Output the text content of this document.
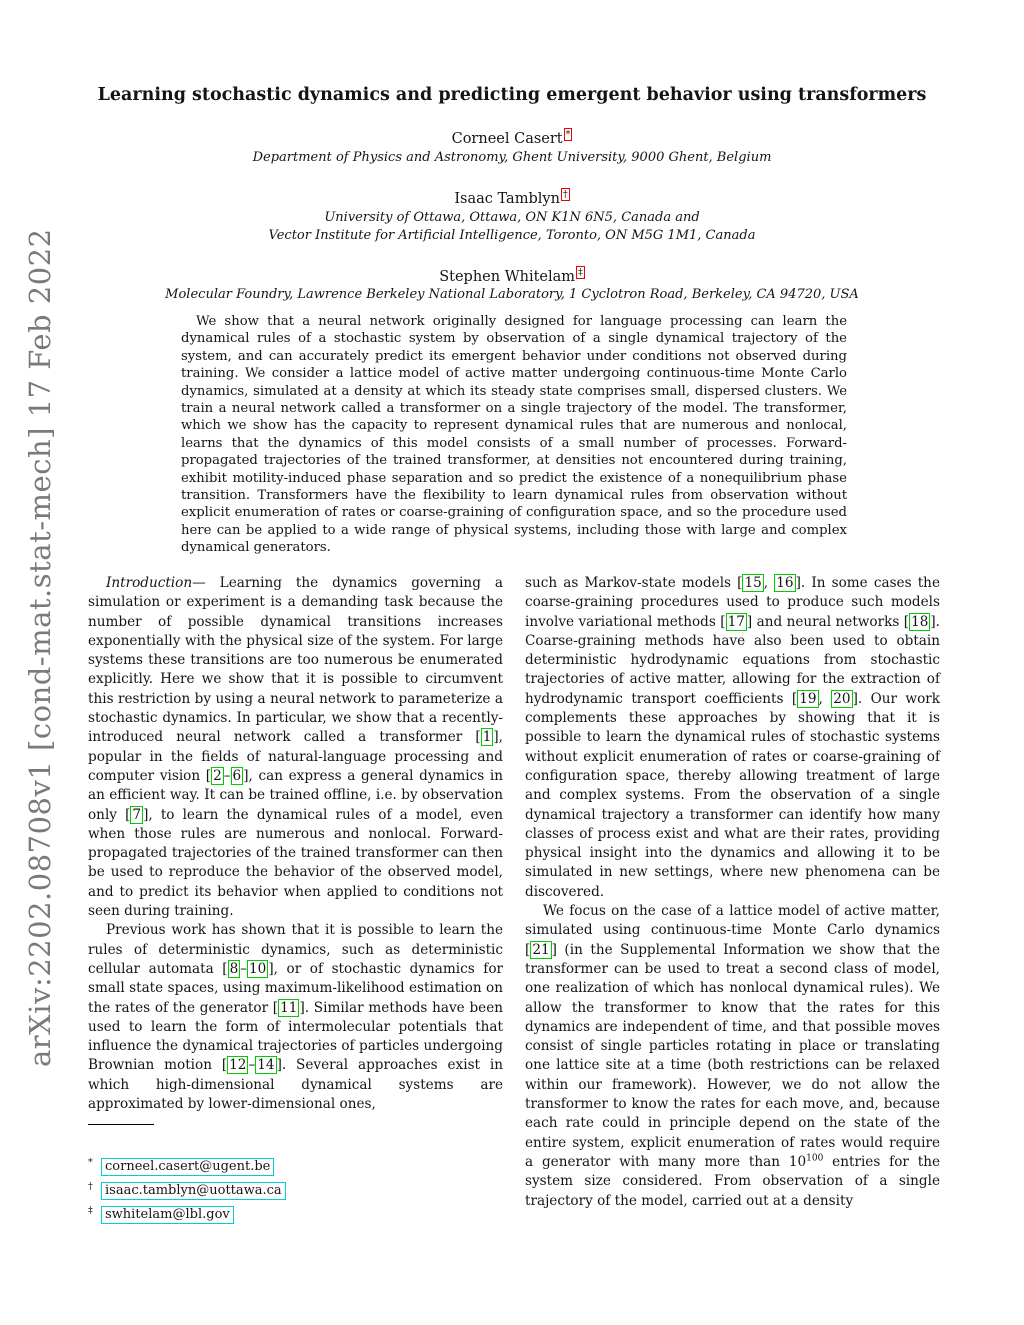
arXiv:2202.08708v1 [cond-mat.stat-mech] 17 Feb 2022
Learning stochastic dynamics and predicting emergent behavior using transformers
Corneel Casert *
Department of Physics and Astronomy, Ghent University, 9000 Ghent, Belgium
Isaac Tamblyn †
University of Ottawa, Ottawa, ON K1N 6N5, Canada and
Vector Institute for Artificial Intelligence, Toronto, ON M5G 1M1, Canada
Stephen Whitelam ‡
Molecular Foundry, Lawrence Berkeley National Laboratory, 1 Cyclotron Road, Berkeley, CA 94720, USA
We show that a neural network originally designed for language processing can learn the dynamical rules of a stochastic system by observation of a single dynamical trajectory of the system, and can accurately predict its emergent behavior under conditions not observed during training. We consider a lattice model of active matter undergoing continuous-time Monte Carlo dynamics, simulated at a density at which its steady state comprises small, dispersed clusters. We train a neural network called a transformer on a single trajectory of the model. The transformer, which we show has the capacity to represent dynamical rules that are numerous and nonlocal, learns that the dynamics of this model consists of a small number of processes. Forward-propagated trajectories of the trained transformer, at densities not encountered during training, exhibit motility-induced phase separation and so predict the existence of a nonequilibrium phase transition. Transformers have the flexibility to learn dynamical rules from observation without explicit enumeration of rates or coarse-graining of configuration space, and so the procedure used here can be applied to a wide range of physical systems, including those with large and complex dynamical generators.

Introduction— Learning the dynamics governing a simulation or experiment is a demanding task because the number of possible dynamical transitions increases exponentially with the physical size of the system. For large systems these transitions are too numerous be enumerated explicitly. Here we show that it is possible to circumvent this restriction by using a neural network to parameterize a stochastic dynamics. In particular, we show that a recently-introduced neural network called a transformer [ 1 ], popular in the fields of natural-language processing and computer vision [ 2 – 6 ], can express a general dynamics in an efficient way. It can be trained offline, i.e. by observation only [ 7 ], to learn the dynamical rules of a model, even when those rules are numerous and nonlocal. Forward-propagated trajectories of the trained transformer can then be used to reproduce the behavior of the observed model, and to predict its behavior when applied to conditions not seen during training.

Previous work has shown that it is possible to learn the rules of deterministic dynamics, such as deterministic cellular automata [ 8 – 10 ], or of stochastic dynamics for small state spaces, using maximum-likelihood estimation on the rates of the generator [ 11 ]. Similar methods have been used to learn the form of intermolecular potentials that influence the dynamical trajectories of particles undergoing Brownian motion [ 12 – 14 ]. Several approaches exist in which high-dimensional dynamical systems are approximated by lower-dimensional ones,

such as Markov-state models [ 15 , 16 ]. In some cases the coarse-graining procedures used to produce such models involve variational methods [ 17 ] and neural networks [ 18 ]. Coarse-graining methods have also been used to obtain deterministic hydrodynamic equations from stochastic trajectories of active matter, allowing for the extraction of hydrodynamic transport coefficients [ 19 , 20 ]. Our work complements these approaches by showing that it is possible to learn the dynamical rules of stochastic systems without explicit enumeration of rates or coarse-graining of configuration space, thereby allowing treatment of large and complex systems. From the observation of a single dynamical trajectory a transformer can identify how many classes of process exist and what are their rates, providing physical insight into the dynamics and allowing it to be simulated in new settings, where new phenomena can be discovered.

We focus on the case of a lattice model of active matter, simulated using continuous-time Monte Carlo dynamics [ 21 ] (in the Supplemental Information we show that the transformer can be used to treat a second class of model, one realization of which has nonlocal dynamical rules). We allow the transformer to know that the rates for this dynamics are independent of time, and that possible moves consist of single particles rotating in place or translating one lattice site at a time (both restrictions can be relaxed within our framework). However, we do not allow the transformer to know the rates for each move, and, because each rate could in principle depend on the state of the entire system, explicit enumeration of rates would require a generator with many more than $10^{100}$ entries for the system size considered. From observation of a single trajectory of the model, carried out at a density

* corneel.casert@ugent.be
† isaac.tamblyn@uottawa.ca
‡ swhitelam@lbl.gov
